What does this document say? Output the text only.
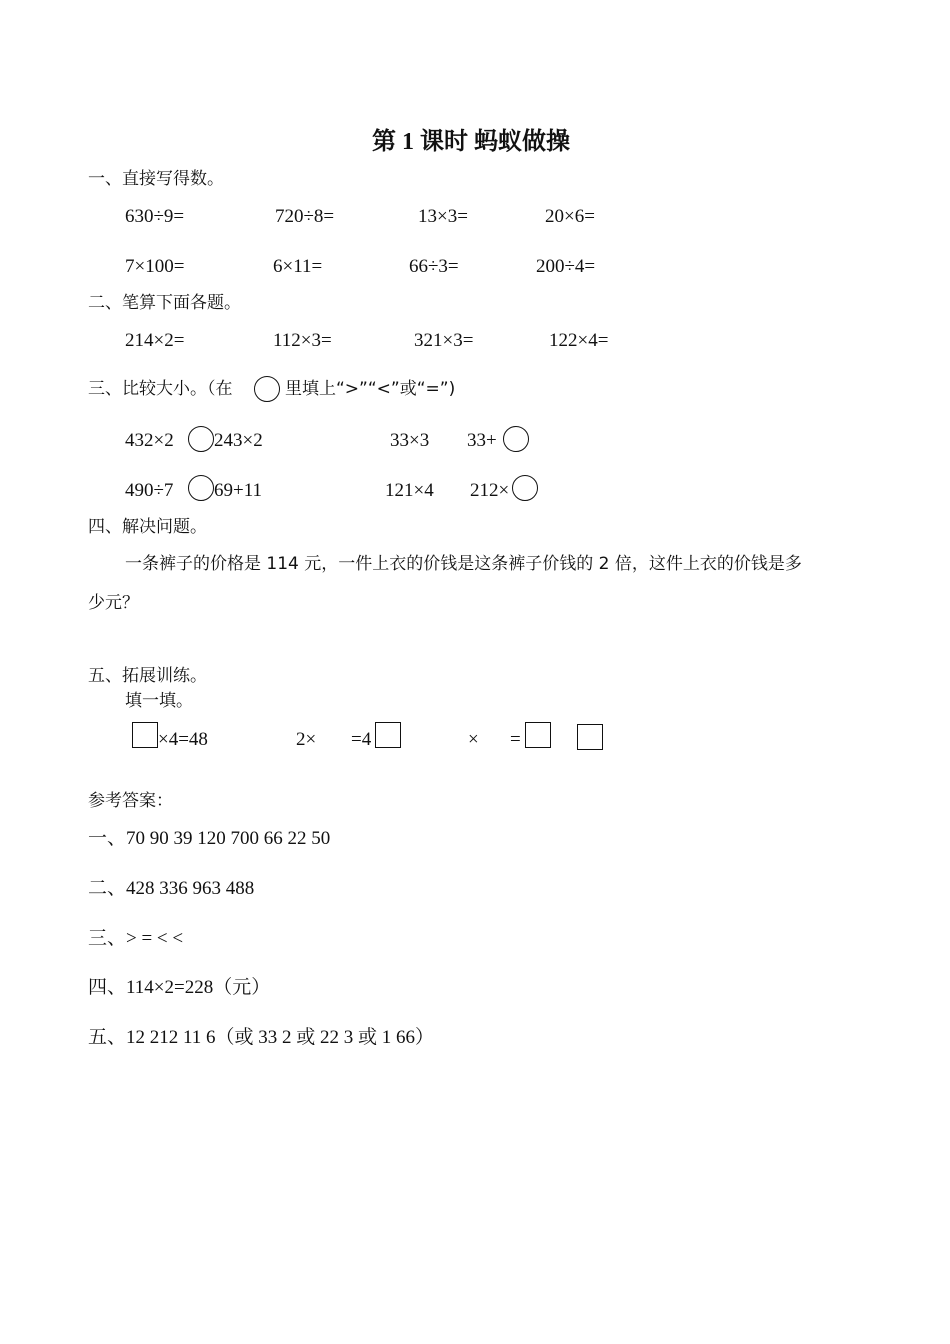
第 1 课时 蚂蚁做操
一、直接写得数。
630÷9=	720÷8=	13×3=	20×6=
7×100=	6×11=	66÷3=	200÷4=
二、笔算下面各题。
214×2=	112×3=	321×3=	122×4=
三、比较大小。（在	里填上“>”“<”或“=”)
432×2 243×2	33×3 33+
490÷7 69+11	121×4 212×
四、解决问题。
一条裤子的价格是 114 元，一件上衣的价钱是这条裤子价钱的 2 倍，这件上衣的价钱是多
少元？
五、拓展训练。
填一填。
×4=48	2× =4	× =
参考答案：
一、70 90 39 120 700 66 22 50
二、428 336 963 488
三、> = < <
四、114×2=228（元）
五、12 212 11 6（或 33 2 或 22 3 或 1 66）
